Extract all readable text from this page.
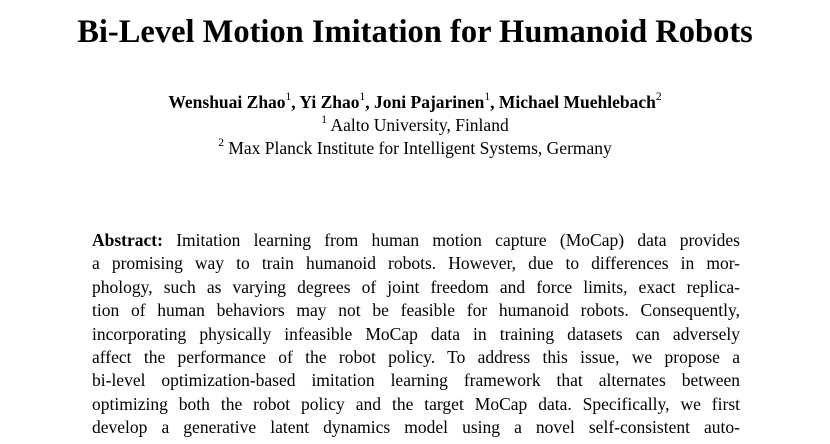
Bi-Level Motion Imitation for Humanoid Robots
Wenshuai Zhao$^1$, Yi Zhao$^1$, Joni Pajarinen$^1$, Michael Muehlebach$^2$
$^1$ Aalto University, Finland
$^2$ Max Planck Institute for Intelligent Systems, Germany
Abstract: Imitation learning from human motion capture (MoCap) data provides
a promising way to train humanoid robots. However, due to differences in mor-
phology, such as varying degrees of joint freedom and force limits, exact replica-
tion of human behaviors may not be feasible for humanoid robots. Consequently,
incorporating physically infeasible MoCap data in training datasets can adversely
affect the performance of the robot policy. To address this issue, we propose a
bi-level optimization-based imitation learning framework that alternates between
optimizing both the robot policy and the target MoCap data. Specifically, we first
develop a generative latent dynamics model using a novel self-consistent auto-
